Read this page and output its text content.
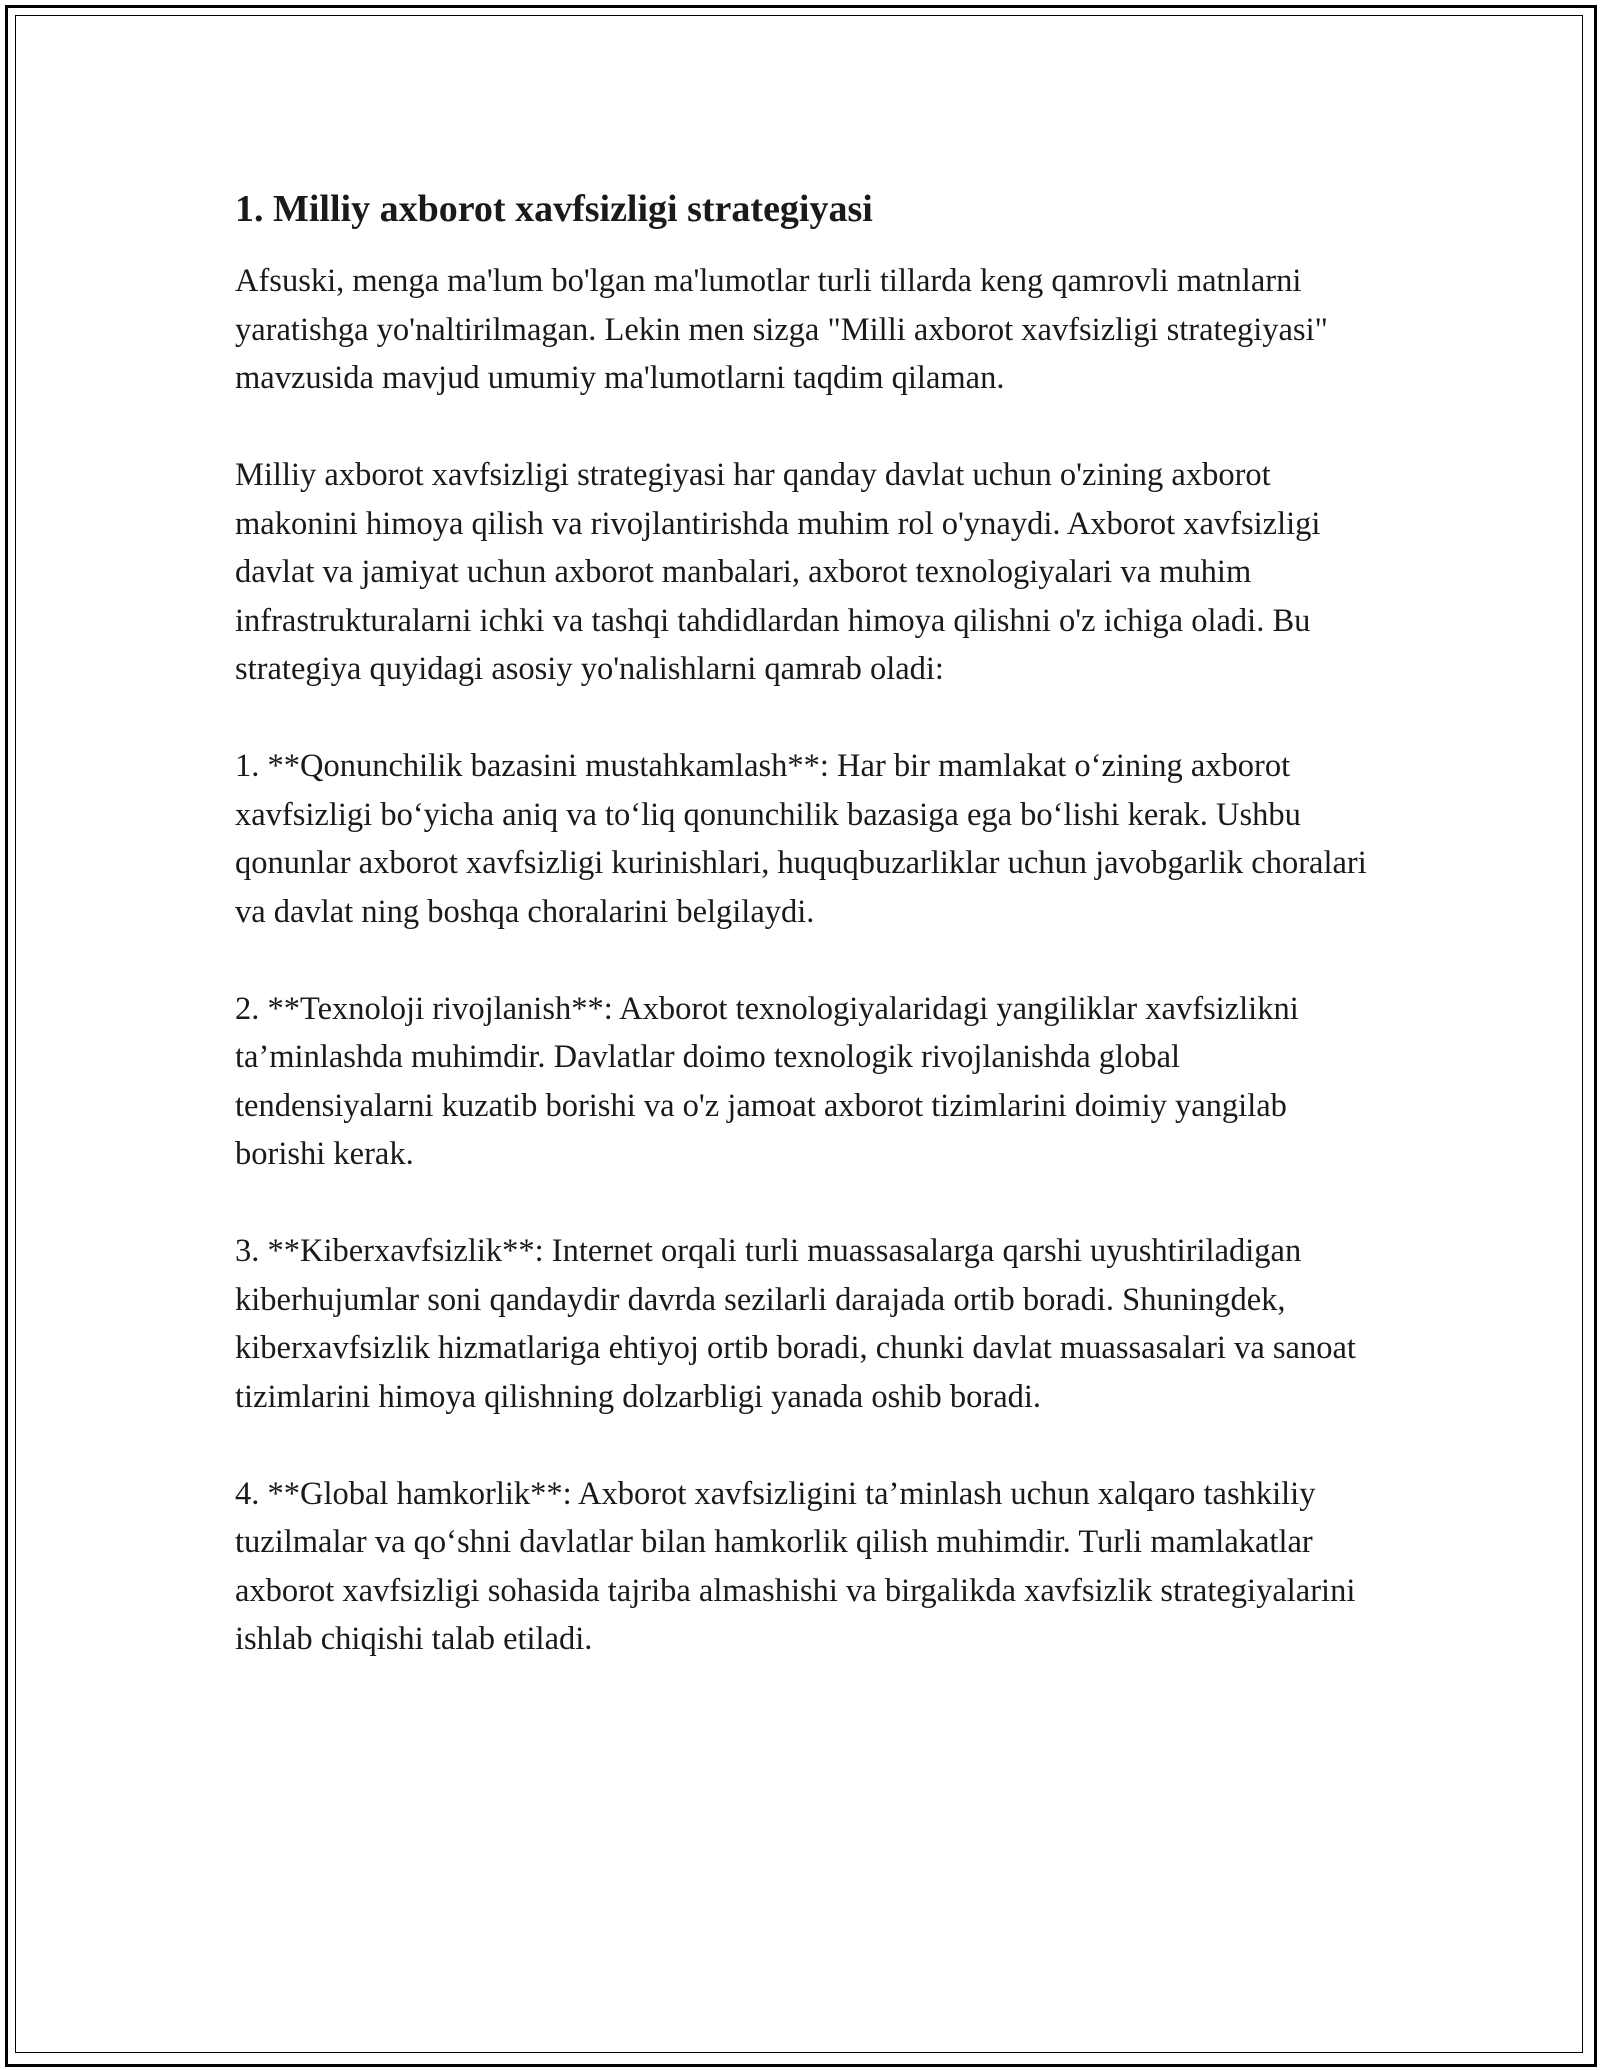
1. Milliy axborot xavfsizligi strategiyasi

Afsuski, menga ma'lum bo'lgan ma'lumotlar turli tillarda keng qamrovli matnlarni yaratishga yo'naltirilmagan. Lekin men sizga "Milli axborot xavfsizligi strategiyasi" mavzusida mavjud umumiy ma'lumotlarni taqdim qilaman.

Milliy axborot xavfsizligi strategiyasi har qanday davlat uchun o'zining axborot makonini himoya qilish va rivojlantirishda muhim rol o'ynaydi. Axborot xavfsizligi davlat va jamiyat uchun axborot manbalari, axborot texnologiyalari va muhim infrastrukturalarni ichki va tashqi tahdidlardan himoya qilishni o'z ichiga oladi. Bu strategiya quyidagi asosiy yo'nalishlarni qamrab oladi:

1. **Qonunchilik bazasini mustahkamlash**: Har bir mamlakat o‘zining axborot xavfsizligi bo‘yicha aniq va to‘liq qonunchilik bazasiga ega bo‘lishi kerak. Ushbu qonunlar axborot xavfsizligi kurinishlari, huquqbuzarliklar uchun javobgarlik choralari va davlat ning boshqa choralarini belgilaydi.

2. **Texnoloji rivojlanish**: Axborot texnologiyalaridagi yangiliklar xavfsizlikni ta’minlashda muhimdir. Davlatlar doimo texnologik rivojlanishda global tendensiyalarni kuzatib borishi va o'z jamoat axborot tizimlarini doimiy yangilab borishi kerak.

3. **Kiberxavfsizlik**: Internet orqali turli muassasalarga qarshi uyushtiriladigan kiberhujumlar soni qandaydir davrda sezilarli darajada ortib boradi. Shuningdek, kiberxavfsizlik hizmatlariga ehtiyoj ortib boradi, chunki davlat muassasalari va sanoat tizimlarini himoya qilishning dolzarbligi yanada oshib boradi.

4. **Global hamkorlik**: Axborot xavfsizligini ta’minlash uchun xalqaro tashkiliy tuzilmalar va qo‘shni davlatlar bilan hamkorlik qilish muhimdir. Turli mamlakatlar axborot xavfsizligi sohasida tajriba almashishi va birgalikda xavfsizlik strategiyalarini ishlab chiqishi talab etiladi.
